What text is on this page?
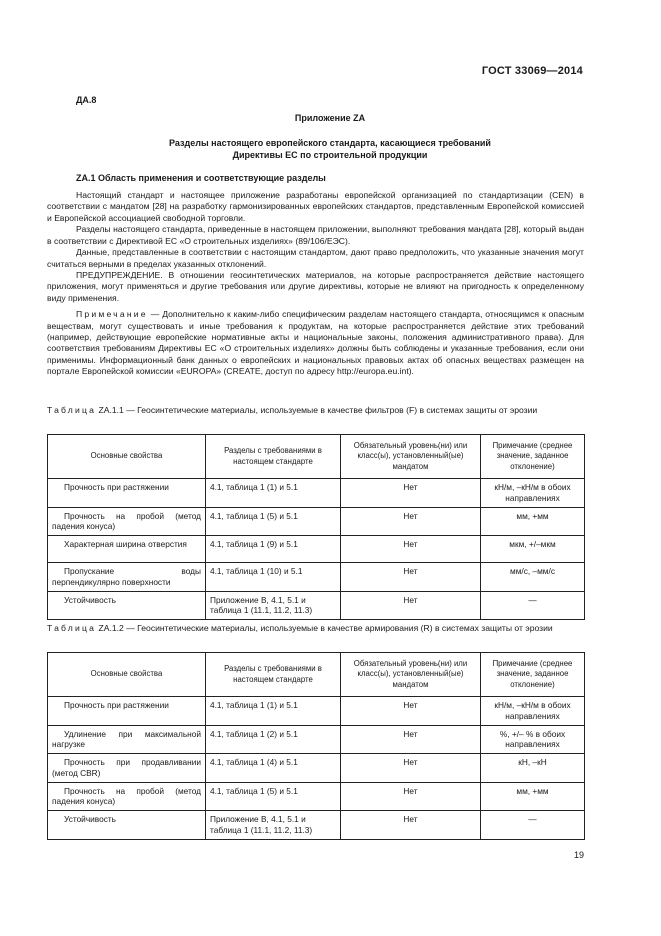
ГОСТ 33069—2014
ДА.8
Приложение ZA
Разделы настоящего европейского стандарта, касающиеся требований
Директивы ЕС по строительной продукции
ZA.1 Область применения и соответствующие разделы

Настоящий стандарт и настоящее приложение разработаны европейской организацией по стандартизации (CEN) в соответствии с мандатом [28] на разработку гармонизированных европейских стандартов, представленным Европейской комиссией и Европейской ассоциацией свободной торговли.

Разделы настоящего стандарта, приведенные в настоящем приложении, выполняют требования мандата [28], который выдан в соответствии с Директивой ЕС «О строительных изделиях» (89/106/ЕЭС).

Данные, представленные в соответствии с настоящим стандартом, дают право предположить, что указанные значения могут считаться верными в пределах указанных отклонений.

ПРЕДУПРЕЖДЕНИЕ. В отношении геосинтетических материалов, на которые распространяется действие настоящего приложения, могут применяться и другие требования или другие директивы, которые не влияют на пригодность к определенному виду применения.

Примечание — Дополнительно к каким-либо специфическим разделам настоящего стандарта, относящимся к опасным веществам, могут существовать и иные требования к продуктам, на которые распространяется действие этих требований (например, действующие европейские нормативные акты и национальные законы, положения административного права). Для соответствия требованиям Директивы ЕС «О строительных изделиях» должны быть соблюдены и указанные требования, если они применимы. Информационный банк данных о европейских и национальных правовых актах об опасных веществах размещен на портале Европейской комиссии «EUROPA» (CREATE, доступ по адресу http://europa.eu.int).

Таблица ZA.1.1 — Геосинтетические материалы, используемые в качестве фильтров (F) в системах защиты от эрозии
Основные свойства	Разделы с требованиями в настоящем стандарте	Обязательный уровень(ни) или класс(ы), установленный(ые) мандатом	Примечание (среднее значение, заданное отклонение)
Прочность при растяжении	4.1, таблица 1 (1) и 5.1	Нет	кН/м, –кН/м в обоих направлениях
Прочность на пробой (метод падения конуса)	4.1, таблица 1 (5) и 5.1	Нет	мм, +мм
Характерная ширина отверстия	4.1, таблица 1 (9) и 5.1	Нет	мкм, +/–мкм
Пропускание воды перпендикулярно поверхности	4.1, таблица 1 (10) и 5.1	Нет	мм/с, –мм/с
Устойчивость	Приложение В, 4.1, 5.1 и таблица 1 (11.1, 11.2, 11.3)	Нет	—
Таблица ZA.1.2 — Геосинтетические материалы, используемые в качестве армирования (R) в системах защиты от эрозии
Основные свойства	Разделы с требованиями в настоящем стандарте	Обязательный уровень(ни) или класс(ы), установленный(ые) мандатом	Примечание (среднее значение, заданное отклонение)
Прочность при растяжении	4.1, таблица 1 (1) и 5.1	Нет	кН/м, –кН/м в обоих направлениях
Удлинение при максимальной нагрузке	4.1, таблица 1 (2) и 5.1	Нет	%, +/– % в обоих направлениях
Прочность при продавливании (метод CBR)	4.1, таблица 1 (4) и 5.1	Нет	кН, –кН
Прочность на пробой (метод падения конуса)	4.1, таблица 1 (5) и 5.1	Нет	мм, +мм
Устойчивость	Приложение В, 4.1, 5.1 и таблица 1 (11.1, 11.2, 11.3)	Нет	—
19
